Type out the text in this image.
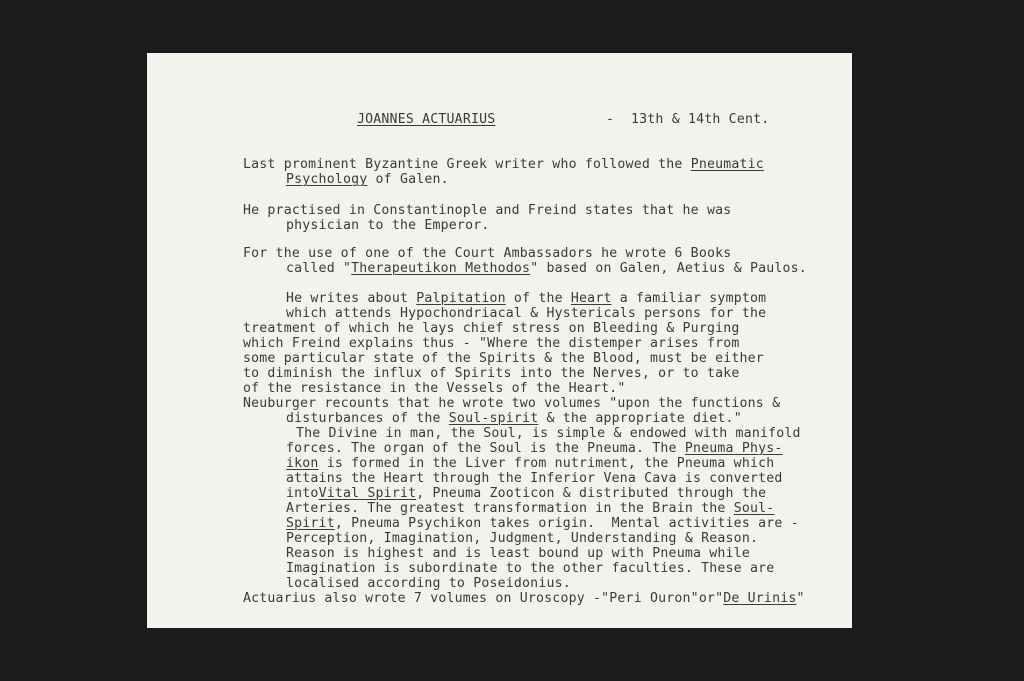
JOANNES ACTUARIUS	- 13th & 14th Cent.
Last prominent Byzantine Greek writer who followed the Pneumatic
Psychology of Galen.
He practised in Constantinople and Freind states that he was
physician to the Emperor.
For the use of one of the Court Ambassadors he wrote 6 Books
called "Therapeutikon Methodos" based on Galen, Aetius & Paulos.
He writes about Palpitation of the Heart a familiar symptom
which attends Hypochondriacal & Hystericals persons for the
treatment of which he lays chief stress on Bleeding & Purging
which Freind explains thus - "Where the distemper arises from
some particular state of the Spirits & the Blood, must be either
to diminish the influx of Spirits into the Nerves, or to take
of the resistance in the Vessels of the Heart."
Neuburger recounts that he wrote two volumes "upon the functions &
disturbances of the Soul-spirit & the appropriate diet."
The Divine in man, the Soul, is simple & endowed with manifold
forces. The organ of the Soul is the Pneuma. The Pneuma Phys-
ikon is formed in the Liver from nutriment, the Pneuma which
attains the Heart through the Inferior Vena Cava is converted
intoVital Spirit, Pneuma Zooticon & distributed through the
Arteries. The greatest transformation in the Brain the Soul-
Spirit, Pneuma Psychikon takes origin.  Mental activities are -
Perception, Imagination, Judgment, Understanding & Reason.
Reason is highest and is least bound up with Pneuma while
Imagination is subordinate to the other faculties. These are
localised according to Poseidonius.
Actuarius also wrote 7 volumes on Uroscopy -"Peri Ouron"or"De Urinis"
